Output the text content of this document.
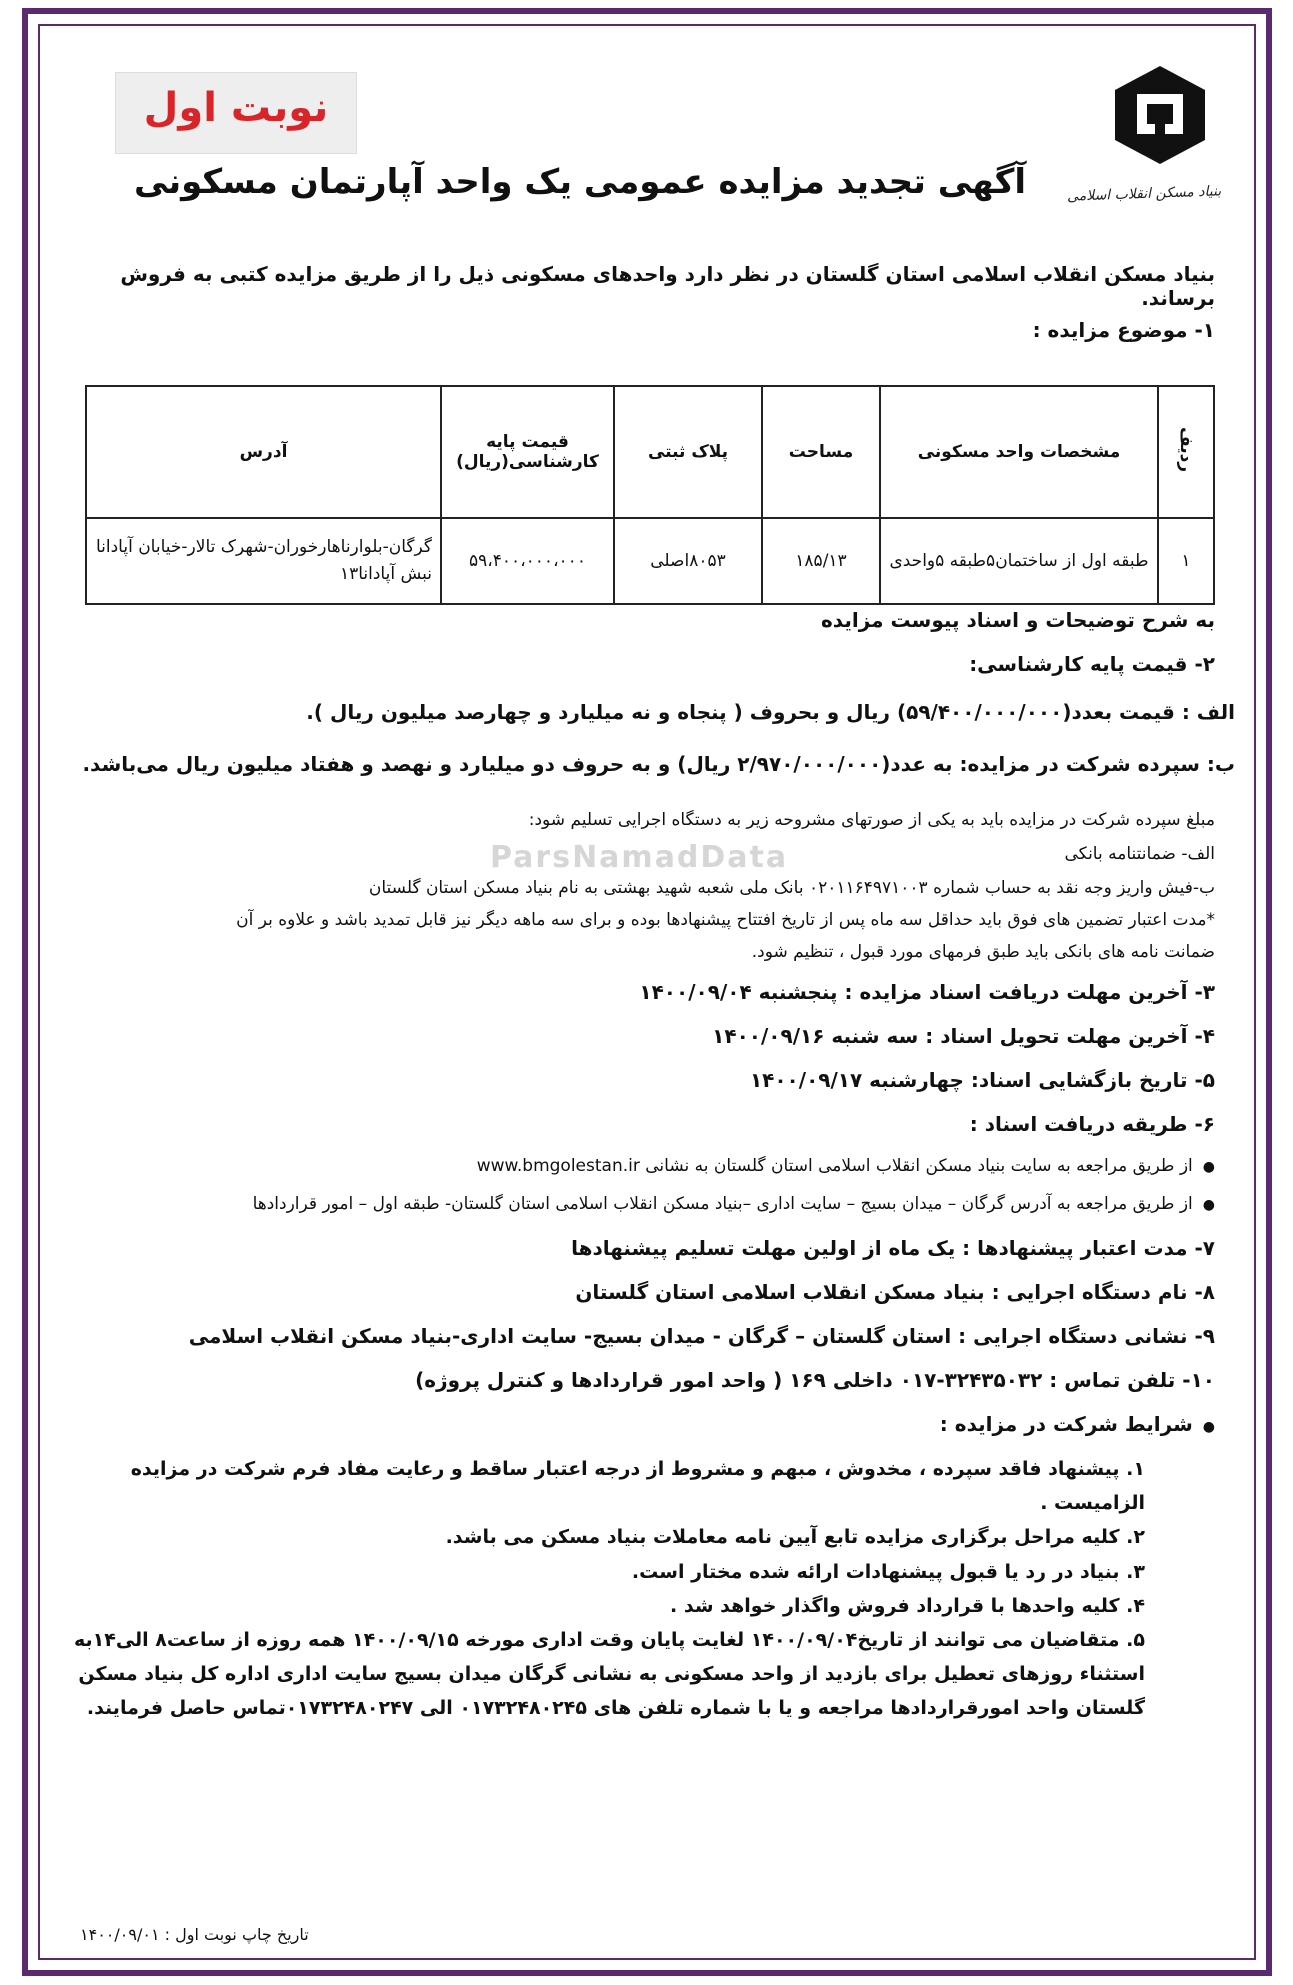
بنیاد مسکن انقلاب اسلامی
نوبت اول
آگهی تجدید مزایده عمومی یک واحد آپارتمان مسکونی
بنیاد مسکن انقلاب اسلامی استان گلستان در نظر دارد واحدهای مسکونی ذیل را از طریق مزایده کتبی به فروش برساند.
۱- موضوع مزایده :
ردیف	مشخصات واحد مسکونی	مساحت	پلاک ثبتی	قیمت پایه کارشناسی(ریال)	آدرس
۱	طبقه اول از ساختمان۵طبقه ۵واحدی	۱۸۵/۱۳	۸۰۵۳اصلی	۵۹،۴۰۰،۰۰۰،۰۰۰	گرگان-بلوارناهارخوران-شهرک تالار-خیابان آپادانا نبش آپادانا۱۳
به شرح توضیحات و اسناد پیوست مزایده
۲- قیمت پایه کارشناسی:
الف : قیمت بعدد(۵۹/۴۰۰/۰۰۰/۰۰۰) ریال و بحروف ( پنجاه و نه میلیارد و چهارصد میلیون ریال ).
ب: سپرده شرکت در مزایده: به عدد(۲/۹۷۰/۰۰۰/۰۰۰ ریال) و به حروف دو میلیارد و نهصد و هفتاد میلیون ریال می‌باشد.
مبلغ سپرده شرکت در مزایده باید به یکی از صورتهای مشروحه زیر به دستگاه اجرایی تسلیم شود:
الف- ضمانتنامه بانکی
ب-فیش واریز وجه نقد به حساب شماره ۰۲۰۱۱۶۴۹۷۱۰۰۳ بانک ملی شعبه شهید بهشتی به نام بنیاد مسکن استان گلستان
*مدت اعتبار تضمین های فوق باید حداقل سه ماه پس از تاریخ افتتاح پیشنهادها بوده و برای سه ماهه دیگر نیز قابل تمدید باشد و علاوه بر آن
ضمانت نامه های بانکی باید طبق فرمهای مورد قبول ، تنظیم شود.
ParsNamadData
۳- آخرین مهلت دریافت اسناد مزایده : پنجشنبه ۱۴۰۰/۰۹/۰۴
۴- آخرین مهلت تحویل اسناد : سه شنبه ۱۴۰۰/۰۹/۱۶
۵- تاریخ بازگشایی اسناد: چهارشنبه ۱۴۰۰/۰۹/۱۷
۶- طریقه دریافت اسناد :
● از طریق مراجعه به سایت بنیاد مسکن انقلاب اسلامی استان گلستان به نشانی www.bmgolestan.ir
● از طریق مراجعه به آدرس گرگان – میدان بسیج – سایت اداری –بنیاد مسکن انقلاب اسلامی استان گلستان- طبقه اول – امور قراردادها
۷- مدت اعتبار پیشنهادها : یک ماه از اولین مهلت تسلیم پیشنهادها
۸- نام دستگاه اجرایی : بنیاد مسکن انقلاب اسلامی استان گلستان
۹- نشانی دستگاه اجرایی : استان گلستان – گرگان - میدان بسیج- سایت اداری-بنیاد مسکن انقلاب اسلامی
۱۰- تلفن تماس : ۳۲۴۳۵۰۳۲-۰۱۷ داخلی ۱۶۹ ( واحد امور قراردادها و کنترل پروژه)
● شرایط شرکت در مزایده :
۱. پیشنهاد فاقد سپرده ، مخدوش ، مبهم و مشروط از درجه اعتبار ساقط و رعایت مفاد فرم شرکت در مزایده الزامیست .
۲. کلیه مراحل برگزاری مزایده تابع آیین نامه معاملات بنیاد مسکن می باشد.
۳. بنیاد در رد یا قبول پیشنهادات ارائه شده مختار است.
۴. کلیه واحدها با قرارداد فروش واگذار خواهد شد .
۵. متقاضیان می توانند از تاریخ۱۴۰۰/۰۹/۰۴ لغایت پایان وقت اداری مورخه ۱۴۰۰/۰۹/۱۵ همه روزه از ساعت۸ الی۱۴به
استثناء روزهای تعطیل برای بازدید از واحد مسکونی به نشانی گرگان میدان بسیج سایت اداری اداره کل بنیاد مسکن
گلستان واحد امورقراردادها مراجعه و یا با شماره تلفن های ۰۱۷۳۲۴۸۰۲۴۵ الی ۰۱۷۳۲۴۸۰۲۴۷تماس حاصل فرمایند.
تاریخ چاپ نوبت اول : ۱۴۰۰/۰۹/۰۱
